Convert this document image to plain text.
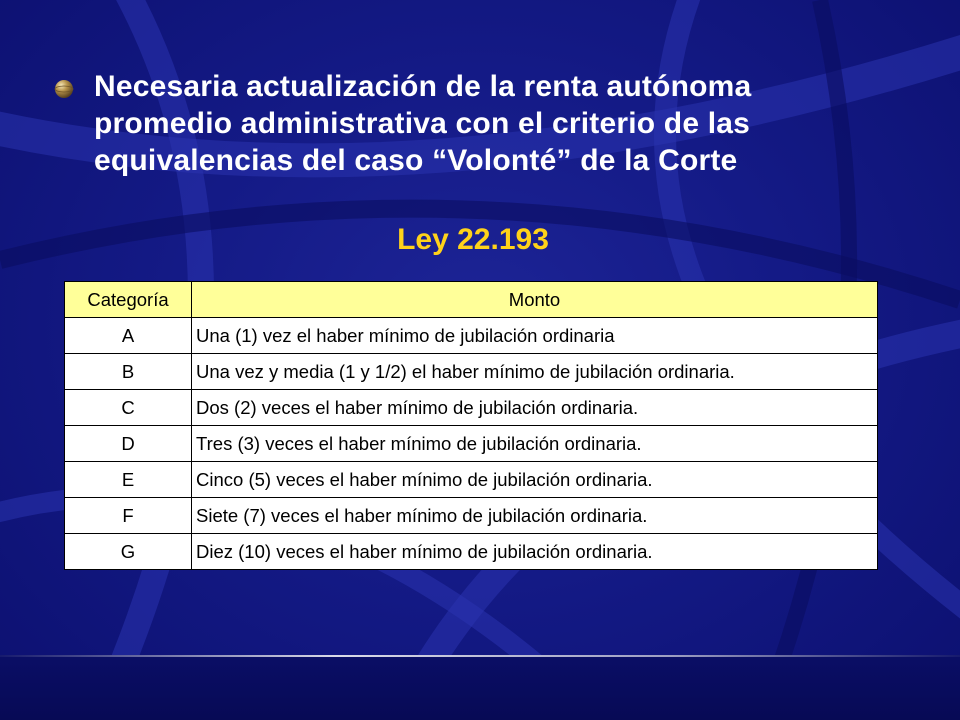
Necesaria actualización de la renta autónoma
promedio administrativa con el criterio de las
equivalencias del caso “Volonté” de la Corte
Ley 22.193
Categoría	Monto
A	Una (1) vez el haber mínimo de jubilación ordinaria
B	Una vez y media (1 y 1/2) el haber mínimo de jubilación ordinaria.
C	Dos (2) veces el haber mínimo de jubilación ordinaria.
D	Tres (3) veces el haber mínimo de jubilación ordinaria.
E	Cinco (5) veces el haber mínimo de jubilación ordinaria.
F	Siete (7) veces el haber mínimo de jubilación ordinaria.
G	Diez (10) veces el haber mínimo de jubilación ordinaria.
